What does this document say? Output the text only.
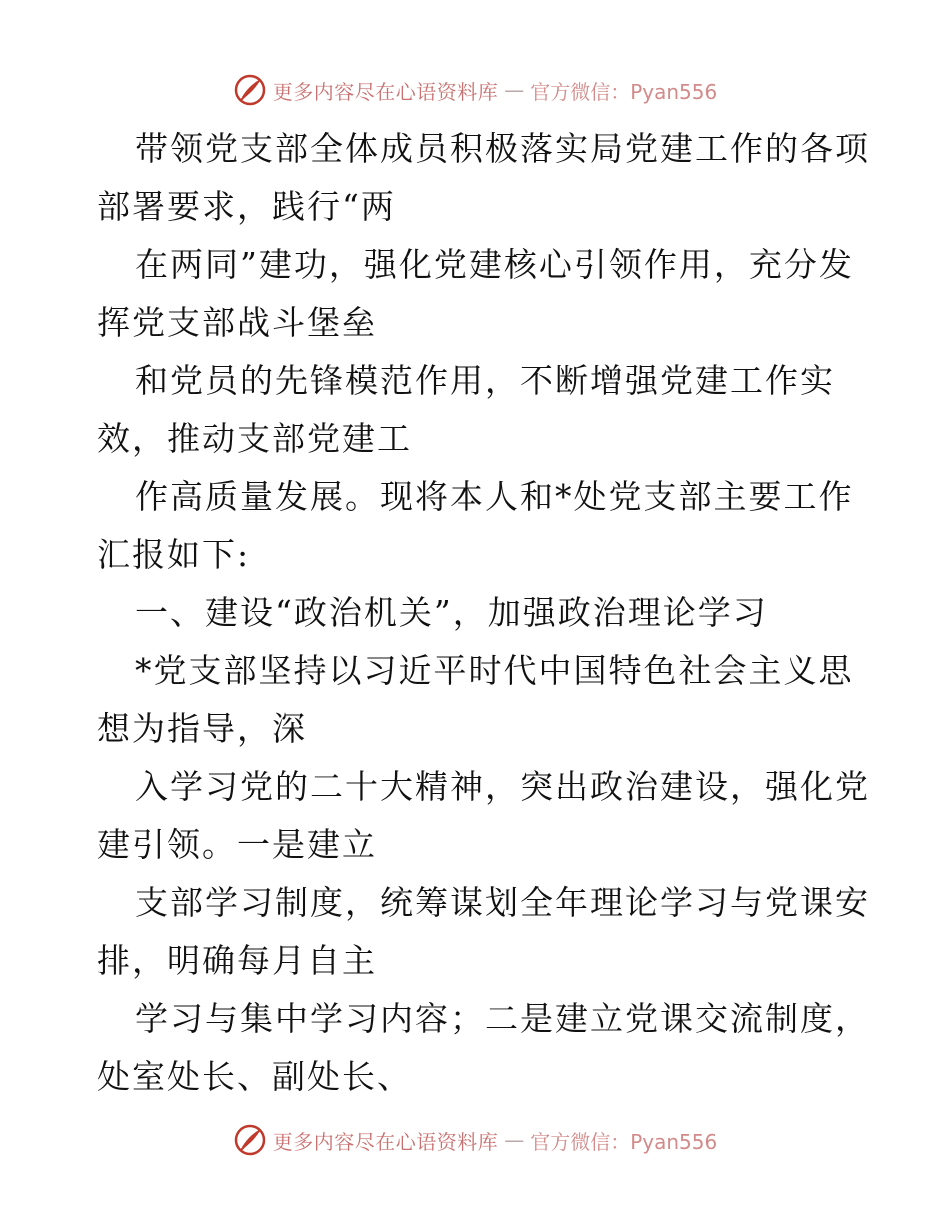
更多内容尽在心语资料库 — 官方微信：Pyan556
带领党支部全体成员积极落实局党建工作的各项
部署要求，践行“两
在两同”建功，强化党建核心引领作用，充分发
挥党支部战斗堡垒
和党员的先锋模范作用，不断增强党建工作实
效，推动支部党建工
作高质量发展。现将本人和*处党支部主要工作
汇报如下:
一、建设“政治机关”，加强政治理论学习
*党支部坚持以习近平时代中国特色社会主义思
想为指导，深
入学习党的二十大精神，突出政治建设，强化党
建引领。一是建立
支部学习制度，统筹谋划全年理论学习与党课安
排，明确每月自主
学习与集中学习内容；二是建立党课交流制度，
处室处长、副处长、
更多内容尽在心语资料库 — 官方微信：Pyan556
